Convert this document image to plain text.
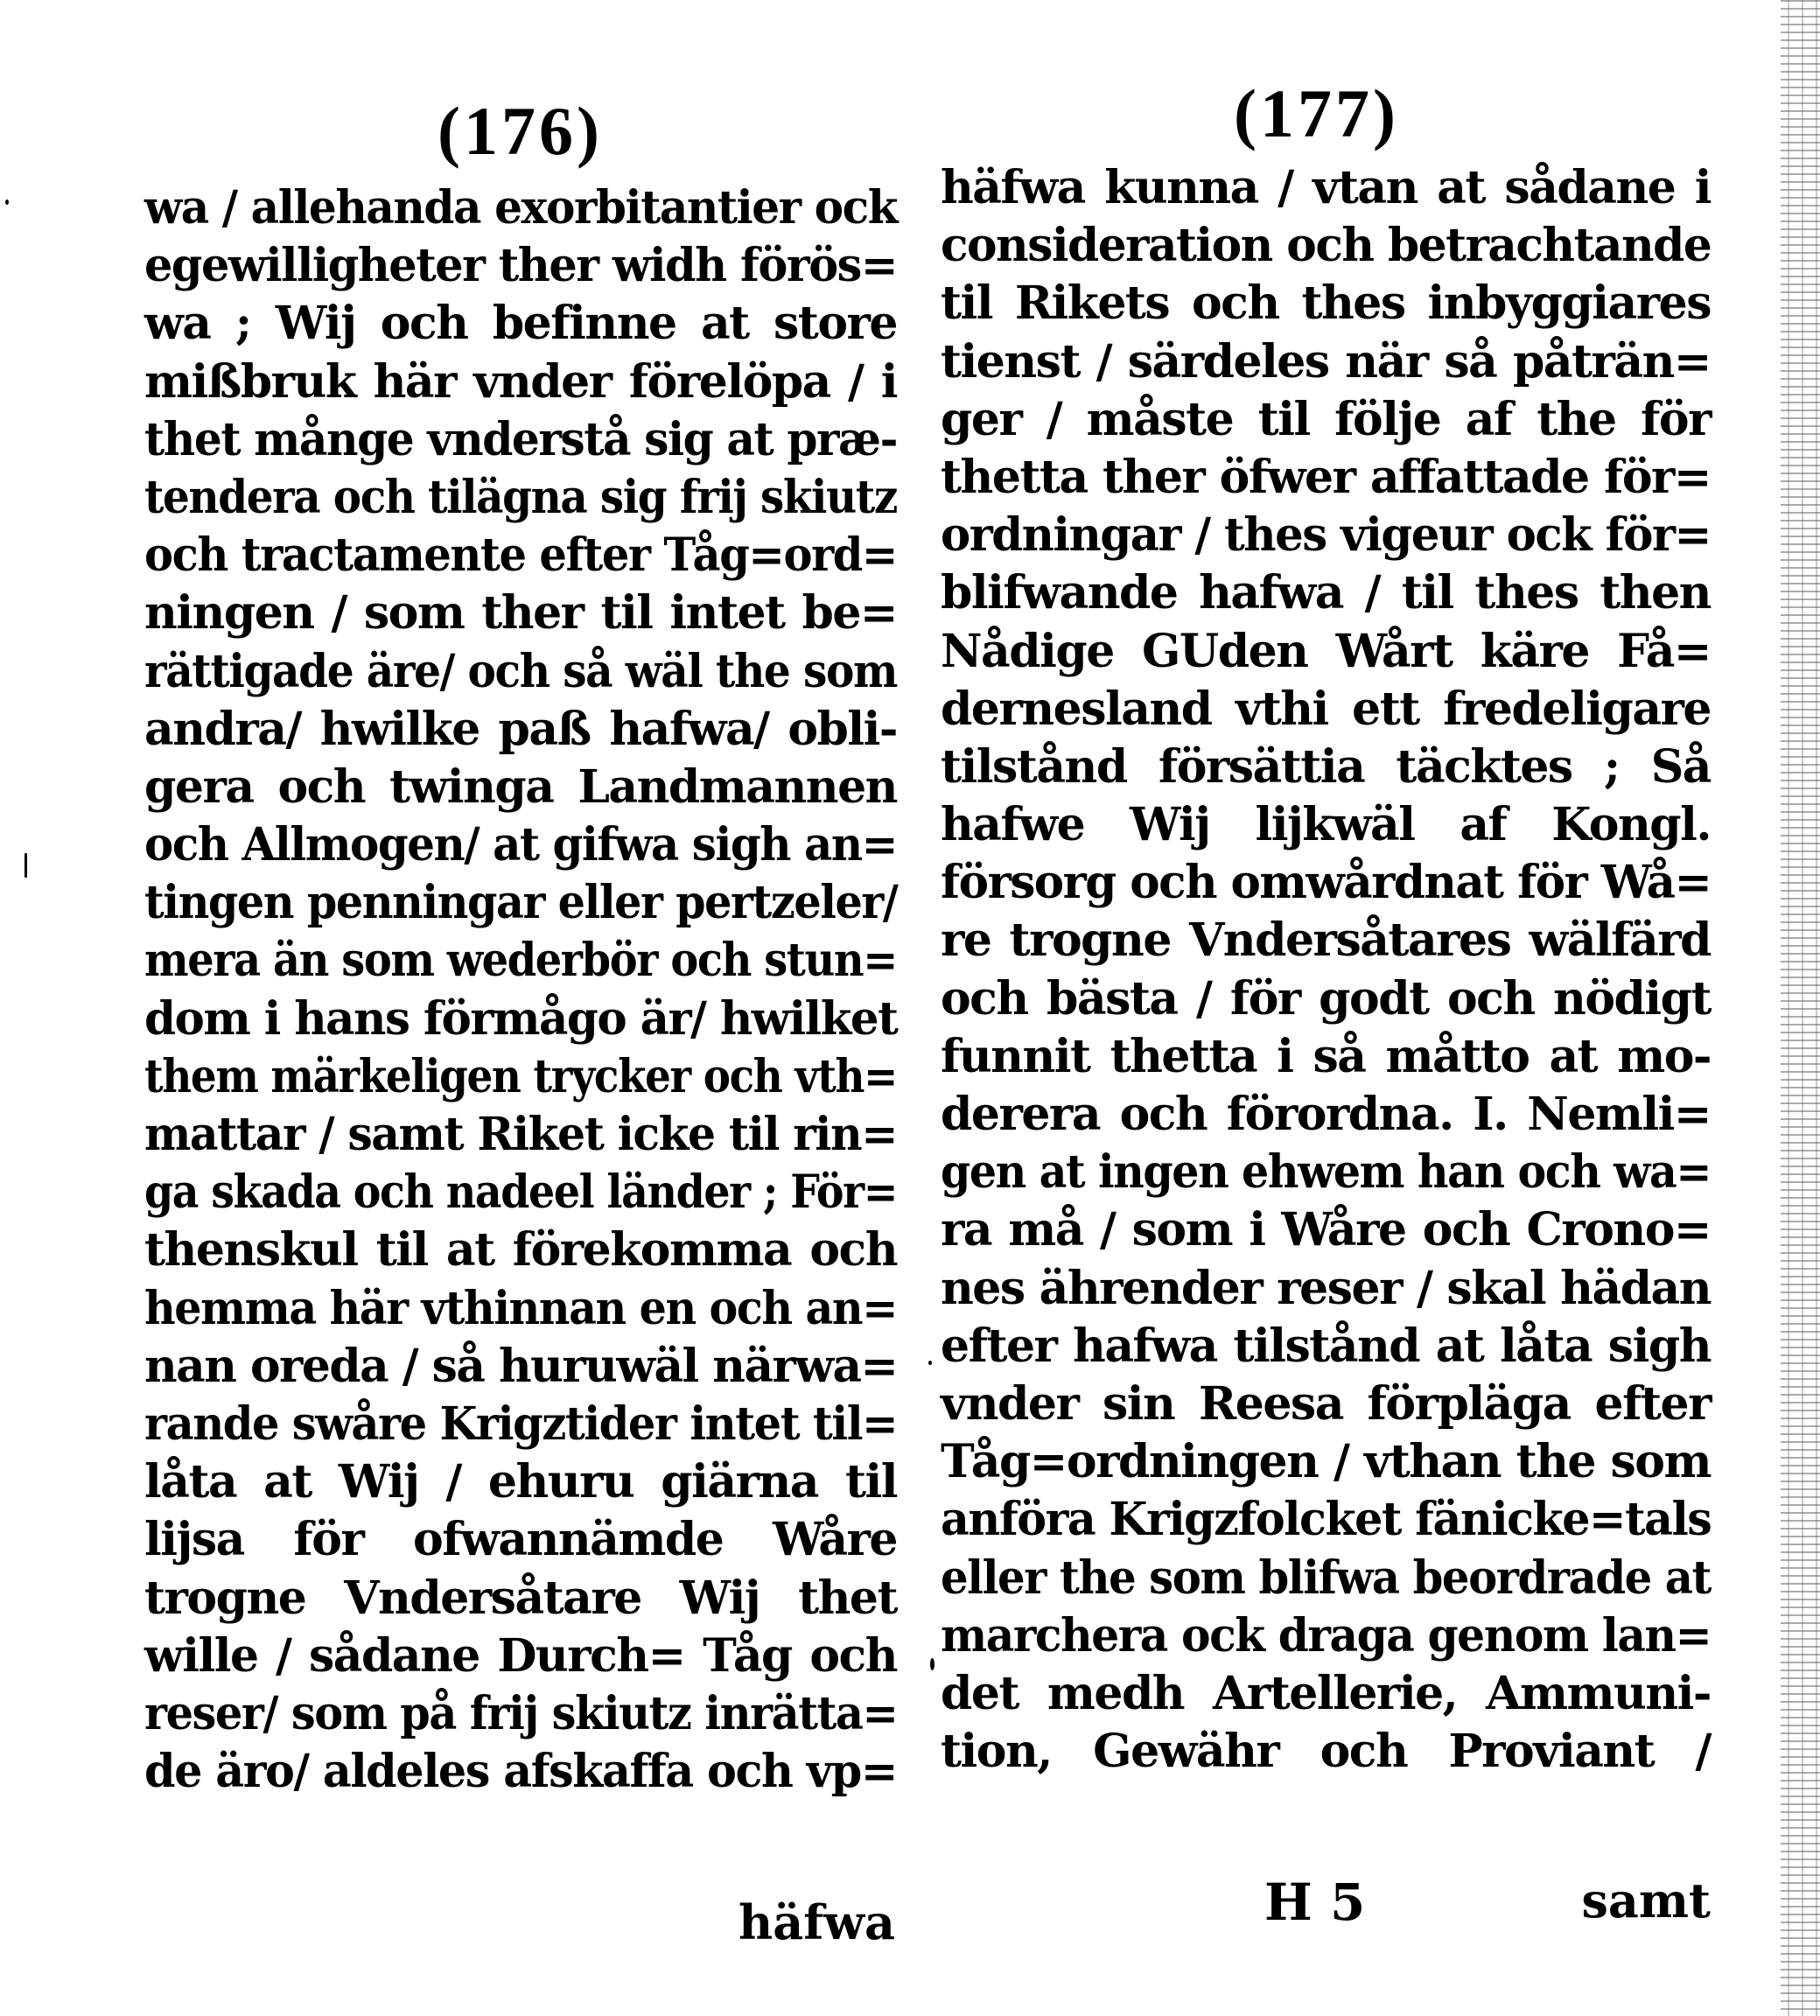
(176)
wa / allehanda exorbitantier ock
egewilligheter ther widh förös=
wa ; Wij och befinne at store
mißbruk här vnder förelöpa / i
thet månge vnderstå sig at præ-
tendera och tilägna sig frij skiutz
och tractamente efter Tåg=ord=
ningen / som ther til intet be=
rättigade äre/ och så wäl the som
andra/ hwilke paß hafwa/ obli-
gera och twinga Landmannen
och Allmogen/ at gifwa sigh an=
tingen penningar eller pertzeler/
mera än som wederbör och stun=
dom i hans förmågo är/ hwilket
them märkeligen trycker och vth=
mattar / samt Riket icke til rin=
ga skada och nadeel länder ; För=
thenskul til at förekomma och
hemma här vthinnan en och an=
nan oreda / så huruwäl närwa=
rande swåre Krigztider intet til=
låta at Wij / ehuru giärna til
lijsa för ofwannämde Wåre
trogne Vndersåtare Wij thet
wille / sådane Durch= Tåg och
reser/ som på frij skiutz inrätta=
de äro/ aldeles afskaffa och vp=
häfwa
(177)
häfwa kunna / vtan at sådane i
consideration och betrachtande
til Rikets och thes inbyggiares
tienst / särdeles när så påträn=
ger / måste til följe af the för
thetta ther öfwer affattade för=
ordningar / thes vigeur ock för=
blifwande hafwa / til thes then
Nådige GUden Wårt käre Få=
dernesland vthi ett fredeligare
tilstånd försättia täcktes ; Så
hafwe Wij lijkwäl af Kongl.
försorg och omwårdnat för Wå=
re trogne Vndersåtares wälfärd
och bästa / för godt och nödigt
funnit thetta i så måtto at mo-
derera och förordna. I. Nemli=
gen at ingen ehwem han och wa=
ra må / som i Wåre och Crono=
nes ährender reser / skal hädan
efter hafwa tilstånd at låta sigh
vnder sin Reesa förpläga efter
Tåg=ordningen / vthan the som
anföra Krigzfolcket fänicke=tals
eller the som blifwa beordrade at
marchera ock draga genom lan=
det medh Artellerie, Ammuni-
tion, Gewähr och Proviant /
H 5	samt
